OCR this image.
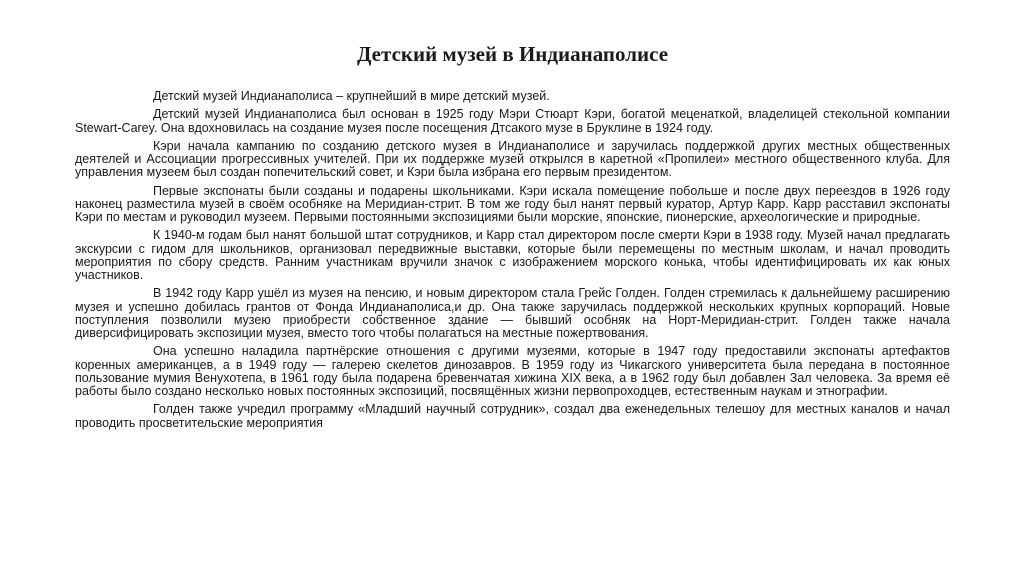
Детский музей в Индианаполисе

Детский музей Индианаполиса – крупнейший в мире детский музей.

Детский музей Индианаполиса был основан в 1925 году Мэри Стюарт Кэри, богатой меценаткой, владелицей стекольной компании Stewart-Carey. Она вдохновилась на создание музея после посещения Дтсакого музе в Бруклине в 1924 году.

Кэри начала кампанию по созданию детского музея в Индианаполисе и заручилась поддержкой других местных общественных деятелей и Ассоциации прогрессивных учителей. При их поддержке музей открылся в каретной «Пропилеи» местного общественного клуба. Для управления музеем был создан попечительский совет, и Кэри была избрана его первым президентом.

Первые экспонаты были созданы и подарены школьниками. Кэри искала помещение побольше и после двух переездов в 1926 году наконец разместила музей в своём особняке на Меридиан-стрит. В том же году был нанят первый куратор, Артур Карр. Карр расставил экспонаты Кэри по местам и руководил музеем. Первыми постоянными экспозициями были морские, японские, пионерские, археологические и природные.

К 1940-м годам был нанят большой штат сотрудников, и Карр стал директором после смерти Кэри в 1938 году. Музей начал предлагать экскурсии с гидом для школьников, организовал передвижные выставки, которые были перемещены по местным школам, и начал проводить мероприятия по сбору средств. Ранним участникам вручили значок с изображением морского конька, чтобы идентифицировать их как юных участников.

В 1942 году Карр ушёл из музея на пенсию, и новым директором стала Грейс Голден. Голден стремилась к дальнейшему расширению музея и успешно добилась грантов от Фонда Индианаполиса,и др. Она также заручилась поддержкой нескольких крупных корпораций. Новые поступления позволили музею приобрести собственное здание — бывший особняк на Норт-Меридиан-стрит. Голден также начала диверсифицировать экспозиции музея, вместо того чтобы полагаться на местные пожертвования.

Она успешно наладила партнёрские отношения с другими музеями, которые в 1947 году предоставили экспонаты артефактов коренных американцев, а в 1949 году — галерею скелетов динозавров. В 1959 году из Чикагского университета была передана в постоянное пользование мумия Венухотепа, в 1961 году была подарена бревенчатая хижина XIX века, а в 1962 году был добавлен Зал человека. За время её работы было создано несколько новых постоянных экспозиций, посвящённых жизни первопроходцев, естественным наукам и этнографии.

Голден также учредил программу «Младший научный сотрудник», создал два еженедельных телешоу для местных каналов и начал проводить просветительские мероприятия
